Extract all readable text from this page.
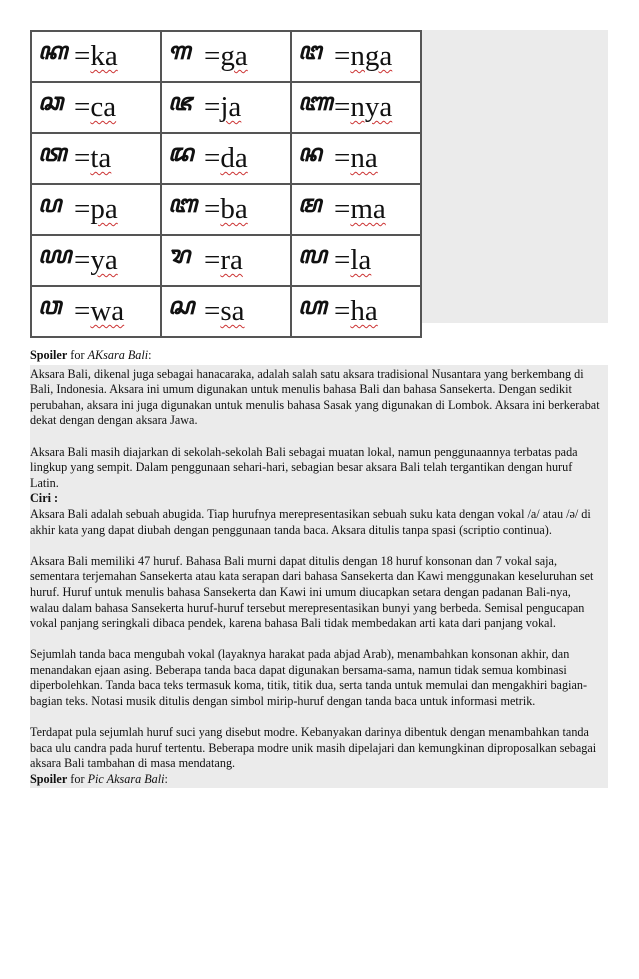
ꦏ =ka	ꦒ =ga	ꦔ =nga

ꦕ =ca	ꦗ =ja	ꦚ =nya

ꦠ =ta	ꦢ =da	ꦤ =na

ꦥ =pa	ꦧ =ba	ꦩ =ma

ꦪ =ya	ꦫ =ra	ꦭ =la

ꦮ =wa	ꦱ =sa	ꦲ =ha

Spoiler for AKsara Bali:

Aksara Bali, dikenal juga sebagai hanacaraka, adalah salah satu aksara tradisional Nusantara yang berkembang di Bali, Indonesia. Aksara ini umum digunakan untuk menulis bahasa Bali dan bahasa Sansekerta. Dengan sedikit perubahan, aksara ini juga digunakan untuk menulis bahasa Sasak yang digunakan di Lombok. Aksara ini berkerabat dekat dengan dengan aksara Jawa.

Aksara Bali masih diajarkan di sekolah-sekolah Bali sebagai muatan lokal, namun penggunaannya terbatas pada lingkup yang sempit. Dalam penggunaan sehari-hari, sebagian besar aksara Bali telah tergantikan dengan huruf Latin.

Ciri :

Aksara Bali adalah sebuah abugida. Tiap hurufnya merepresentasikan sebuah suku kata dengan vokal /a/ atau /ə/ di akhir kata yang dapat diubah dengan penggunaan tanda baca. Aksara ditulis tanpa spasi (scriptio continua).

Aksara Bali memiliki 47 huruf. Bahasa Bali murni dapat ditulis dengan 18 huruf konsonan dan 7 vokal saja, sementara terjemahan Sansekerta atau kata serapan dari bahasa Sansekerta dan Kawi menggunakan keseluruhan set huruf. Huruf untuk menulis bahasa Sansekerta dan Kawi ini umum diucapkan setara dengan padanan Bali-nya, walau dalam bahasa Sansekerta huruf-huruf tersebut merepresentasikan bunyi yang berbeda. Semisal pengucapan vokal panjang seringkali dibaca pendek, karena bahasa Bali tidak membedakan arti kata dari panjang vokal.

Sejumlah tanda baca mengubah vokal (layaknya harakat pada abjad Arab), menambahkan konsonan akhir, dan menandakan ejaan asing. Beberapa tanda baca dapat digunakan bersama-sama, namun tidak semua kombinasi diperbolehkan. Tanda baca teks termasuk koma, titik, titik dua, serta tanda untuk memulai dan mengakhiri bagian-bagian teks. Notasi musik ditulis dengan simbol mirip-huruf dengan tanda baca untuk informasi metrik.

Terdapat pula sejumlah huruf suci yang disebut modre. Kebanyakan darinya dibentuk dengan menambahkan tanda baca ulu candra pada huruf tertentu. Beberapa modre unik masih dipelajari dan kemungkinan diproposalkan sebagai aksara Bali tambahan di masa mendatang.

Spoiler for Pic Aksara Bali:
